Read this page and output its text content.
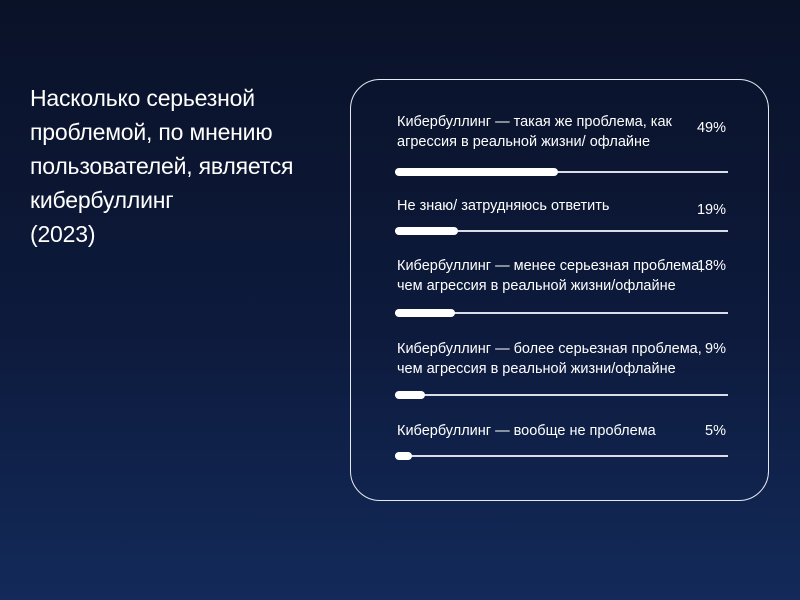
Насколько серьезной
проблемой, по мнению
пользователей, является
кибербуллинг
(2023)
Кибербуллинг — такая же проблема, как
агрессия в реальной жизни/ офлайне
49%
Не знаю/ затрудняюсь ответить	19%
Кибербуллинг — менее серьезная проблема,
чем агрессия в реальной жизни/офлайне
18%
Кибербуллинг — более серьезная проблема,
чем агрессия в реальной жизни/офлайне
9%
Кибербуллинг — вообще не проблема	5%
